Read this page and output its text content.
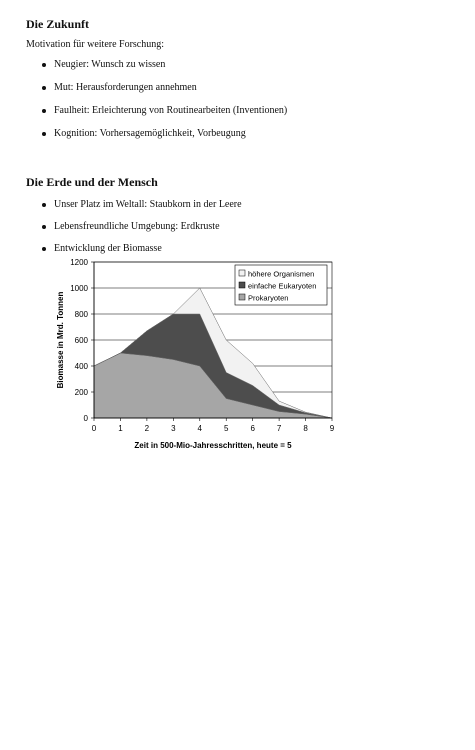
Die Zukunft

Motivation für weitere Forschung:

Neugier: Wunsch zu wissen
Mut: Herausforderungen annehmen
Faulheit: Erleichterung von Routinearbeiten (Inventionen)
Kognition: Vorhersagemöglichkeit, Vorbeugung
Die Erde und der Mensch
Unser Platz im Weltall: Staubkorn in der Leere
Lebensfreundliche Umgebung: Erdkruste
Entwicklung der Biomasse
0
200
400
600
800
1000
1200
0	1	2	3	4	5	6	7	8	9
Zeit in 500-Mio-Jahresschritten, heute = 5
Biomasse in Mrd. Tonnen
höhere Organismen
einfache Eukaryoten
Prokaryoten
